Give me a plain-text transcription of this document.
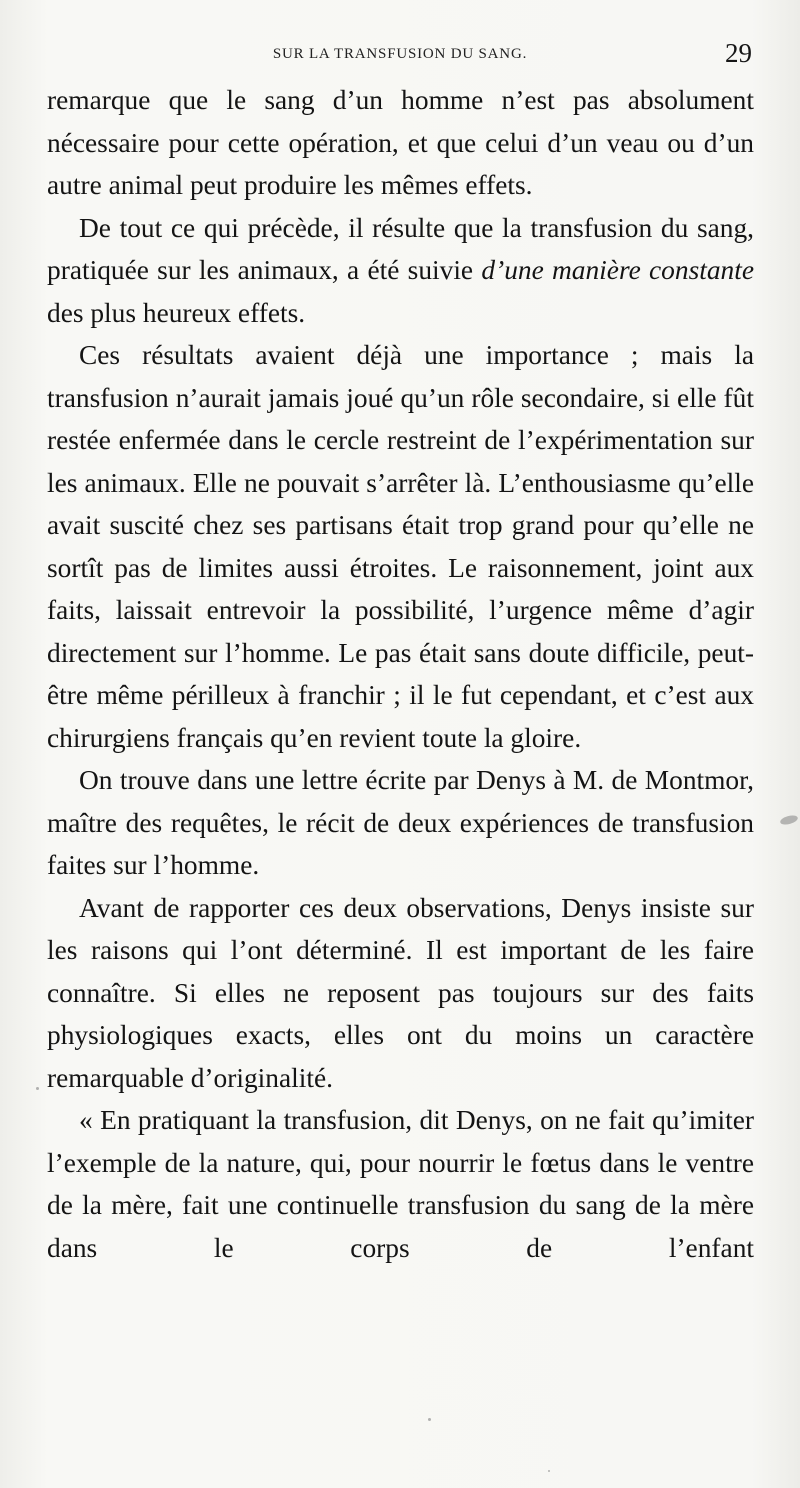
SUR LA TRANSFUSION DU SANG.	29

remarque que le sang d’un homme n’est pas absolument nécessaire pour cette opération, et que celui d’un veau ou d’un autre animal peut produire les mêmes effets.

De tout ce qui précède, il résulte que la transfusion du sang, pratiquée sur les animaux, a été suivie d’une manière constante des plus heureux effets.

Ces résultats avaient déjà une importance ; mais la transfusion n’aurait jamais joué qu’un rôle secondaire, si elle fût restée enfermée dans le cercle restreint de l’expérimentation sur les animaux. Elle ne pouvait s’arrêter là. L’enthousiasme qu’elle avait suscité chez ses partisans était trop grand pour qu’elle ne sortît pas de limites aussi étroites. Le raisonnement, joint aux faits, laissait entrevoir la possibilité, l’urgence même d’agir directement sur l’homme. Le pas était sans doute difficile, peut-être même périlleux à franchir ; il le fut cependant, et c’est aux chirurgiens français qu’en revient toute la gloire.

On trouve dans une lettre écrite par Denys à M. de Montmor, maître des requêtes, le récit de deux expériences de transfusion faites sur l’homme.

Avant de rapporter ces deux observations, Denys insiste sur les raisons qui l’ont déterminé. Il est important de les faire connaître. Si elles ne reposent pas toujours sur des faits physiologiques exacts, elles ont du moins un caractère remarquable d’originalité.

« En pratiquant la transfusion, dit Denys, on ne fait qu’imiter l’exemple de la nature, qui, pour nourrir le fœtus dans le ventre de la mère, fait une continuelle transfusion du sang de la mère dans le corps de l’enfant
